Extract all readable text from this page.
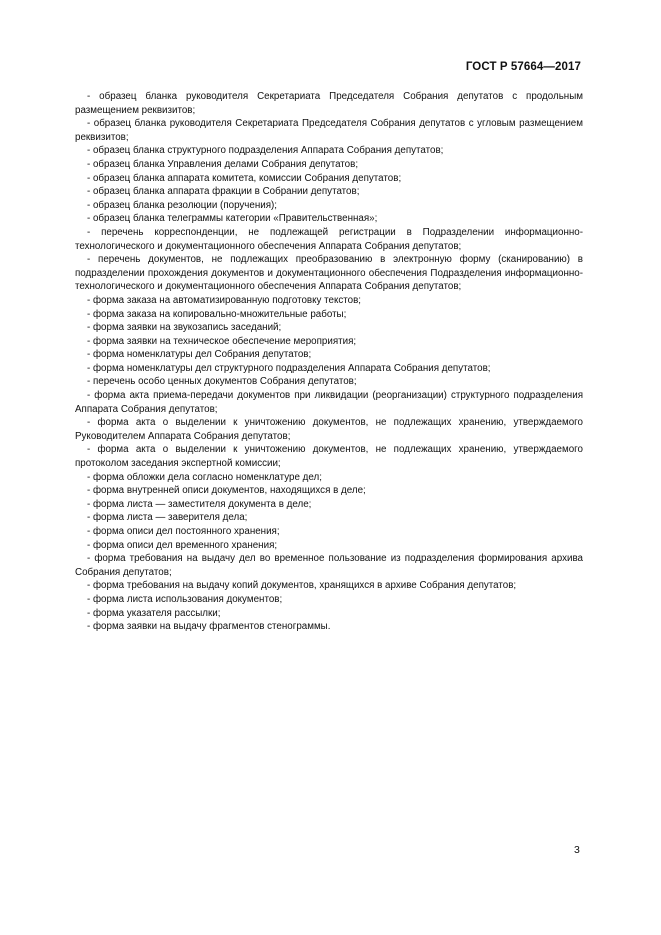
ГОСТ Р 57664—2017

- образец бланка руководителя Секретариата Председателя Собрания депутатов с продольным размещением реквизитов;

- образец бланка руководителя Секретариата Председателя Собрания депутатов с угловым размещением реквизитов;

- образец бланка структурного подразделения Аппарата Собрания депутатов;

- образец бланка Управления делами Собрания депутатов;

- образец бланка аппарата комитета, комиссии Собрания депутатов;

- образец бланка аппарата фракции в Собрании депутатов;

- образец бланка резолюции (поручения);

- образец бланка телеграммы категории «Правительственная»;

- перечень корреспонденции, не подлежащей регистрации в Подразделении информационно-технологического и документационного обеспечения Аппарата Собрания депутатов;

- перечень документов, не подлежащих преобразованию в электронную форму (сканированию) в подразделении прохождения документов и документационного обеспечения Подразделения информационно-технологического и документационного обеспечения Аппарата Собрания депутатов;

- форма заказа на автоматизированную подготовку текстов;

- форма заказа на копировально-множительные работы;

- форма заявки на звукозапись заседаний;

- форма заявки на техническое обеспечение мероприятия;

- форма номенклатуры дел Собрания депутатов;

- форма номенклатуры дел структурного подразделения Аппарата Собрания депутатов;

- перечень особо ценных документов Собрания депутатов;

- форма акта приема-передачи документов при ликвидации (реорганизации) структурного подразделения Аппарата Собрания депутатов;

- форма акта о выделении к уничтожению документов, не подлежащих хранению, утверждаемого Руководителем Аппарата Собрания депутатов;

- форма акта о выделении к уничтожению документов, не подлежащих хранению, утверждаемого протоколом заседания экспертной комиссии;

- форма обложки дела согласно номенклатуре дел;

- форма внутренней описи документов, находящихся в деле;

- форма листа — заместителя документа в деле;

- форма листа — заверителя дела;

- форма описи дел постоянного хранения;

- форма описи дел временного хранения;

- форма требования на выдачу дел во временное пользование из подразделения формирования архива Собрания депутатов;

- форма требования на выдачу копий документов, хранящихся в архиве Собрания депутатов;

- форма листа использования документов;

- форма указателя рассылки;

- форма заявки на выдачу фрагментов стенограммы.

3
